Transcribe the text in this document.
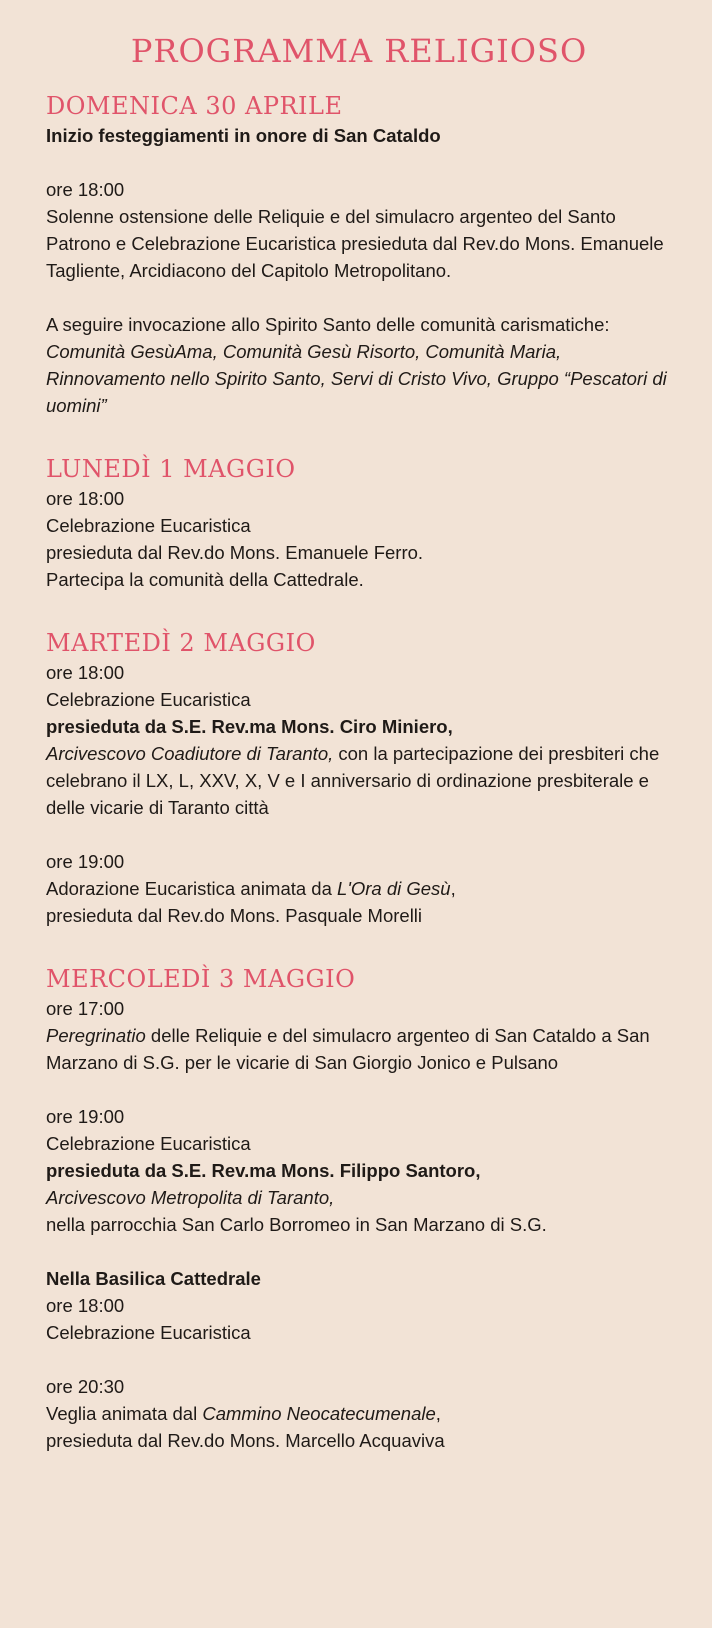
PROGRAMMA RELIGIOSO
DOMENICA 30 APRILE

Inizio festeggiamenti in onore di San Cataldo

ore 18:00

Solenne ostensione delle Reliquie e del simulacro argenteo del Santo Patrono e Celebrazione Eucaristica presieduta dal Rev.do Mons. Emanuele Tagliente, Arcidiacono del Capitolo Metropolitano.

A seguire invocazione allo Spirito Santo delle comunità carismatiche: Comunità GesùAma, Comunità Gesù Risorto, Comunità Maria, Rinnovamento nello Spirito Santo, Servi di Cristo Vivo, Gruppo “Pescatori di uomini”

LUNEDÌ 1 MAGGIO

ore 18:00

Celebrazione Eucaristica

presieduta dal Rev.do Mons. Emanuele Ferro.

Partecipa la comunità della Cattedrale.

MARTEDÌ 2 MAGGIO

ore 18:00

Celebrazione Eucaristica

presieduta da S.E. Rev.ma Mons. Ciro Miniero,

Arcivescovo Coadiutore di Taranto, con la partecipazione dei presbiteri che celebrano il LX, L, XXV, X, V e I anniversario di ordinazione presbiterale e delle vicarie di Taranto città

ore 19:00

Adorazione Eucaristica animata da L'Ora di Gesù,

presieduta dal Rev.do Mons. Pasquale Morelli

MERCOLEDÌ 3 MAGGIO

ore 17:00

Peregrinatio delle Reliquie e del simulacro argenteo di San Cataldo a San Marzano di S.G. per le vicarie di San Giorgio Jonico e Pulsano

ore 19:00

Celebrazione Eucaristica

presieduta da S.E. Rev.ma Mons. Filippo Santoro,

Arcivescovo Metropolita di Taranto,

nella parrocchia San Carlo Borromeo in San Marzano di S.G.

Nella Basilica Cattedrale

ore 18:00

Celebrazione Eucaristica

ore 20:30

Veglia animata dal Cammino Neocatecumenale,

presieduta dal Rev.do Mons. Marcello Acquaviva
